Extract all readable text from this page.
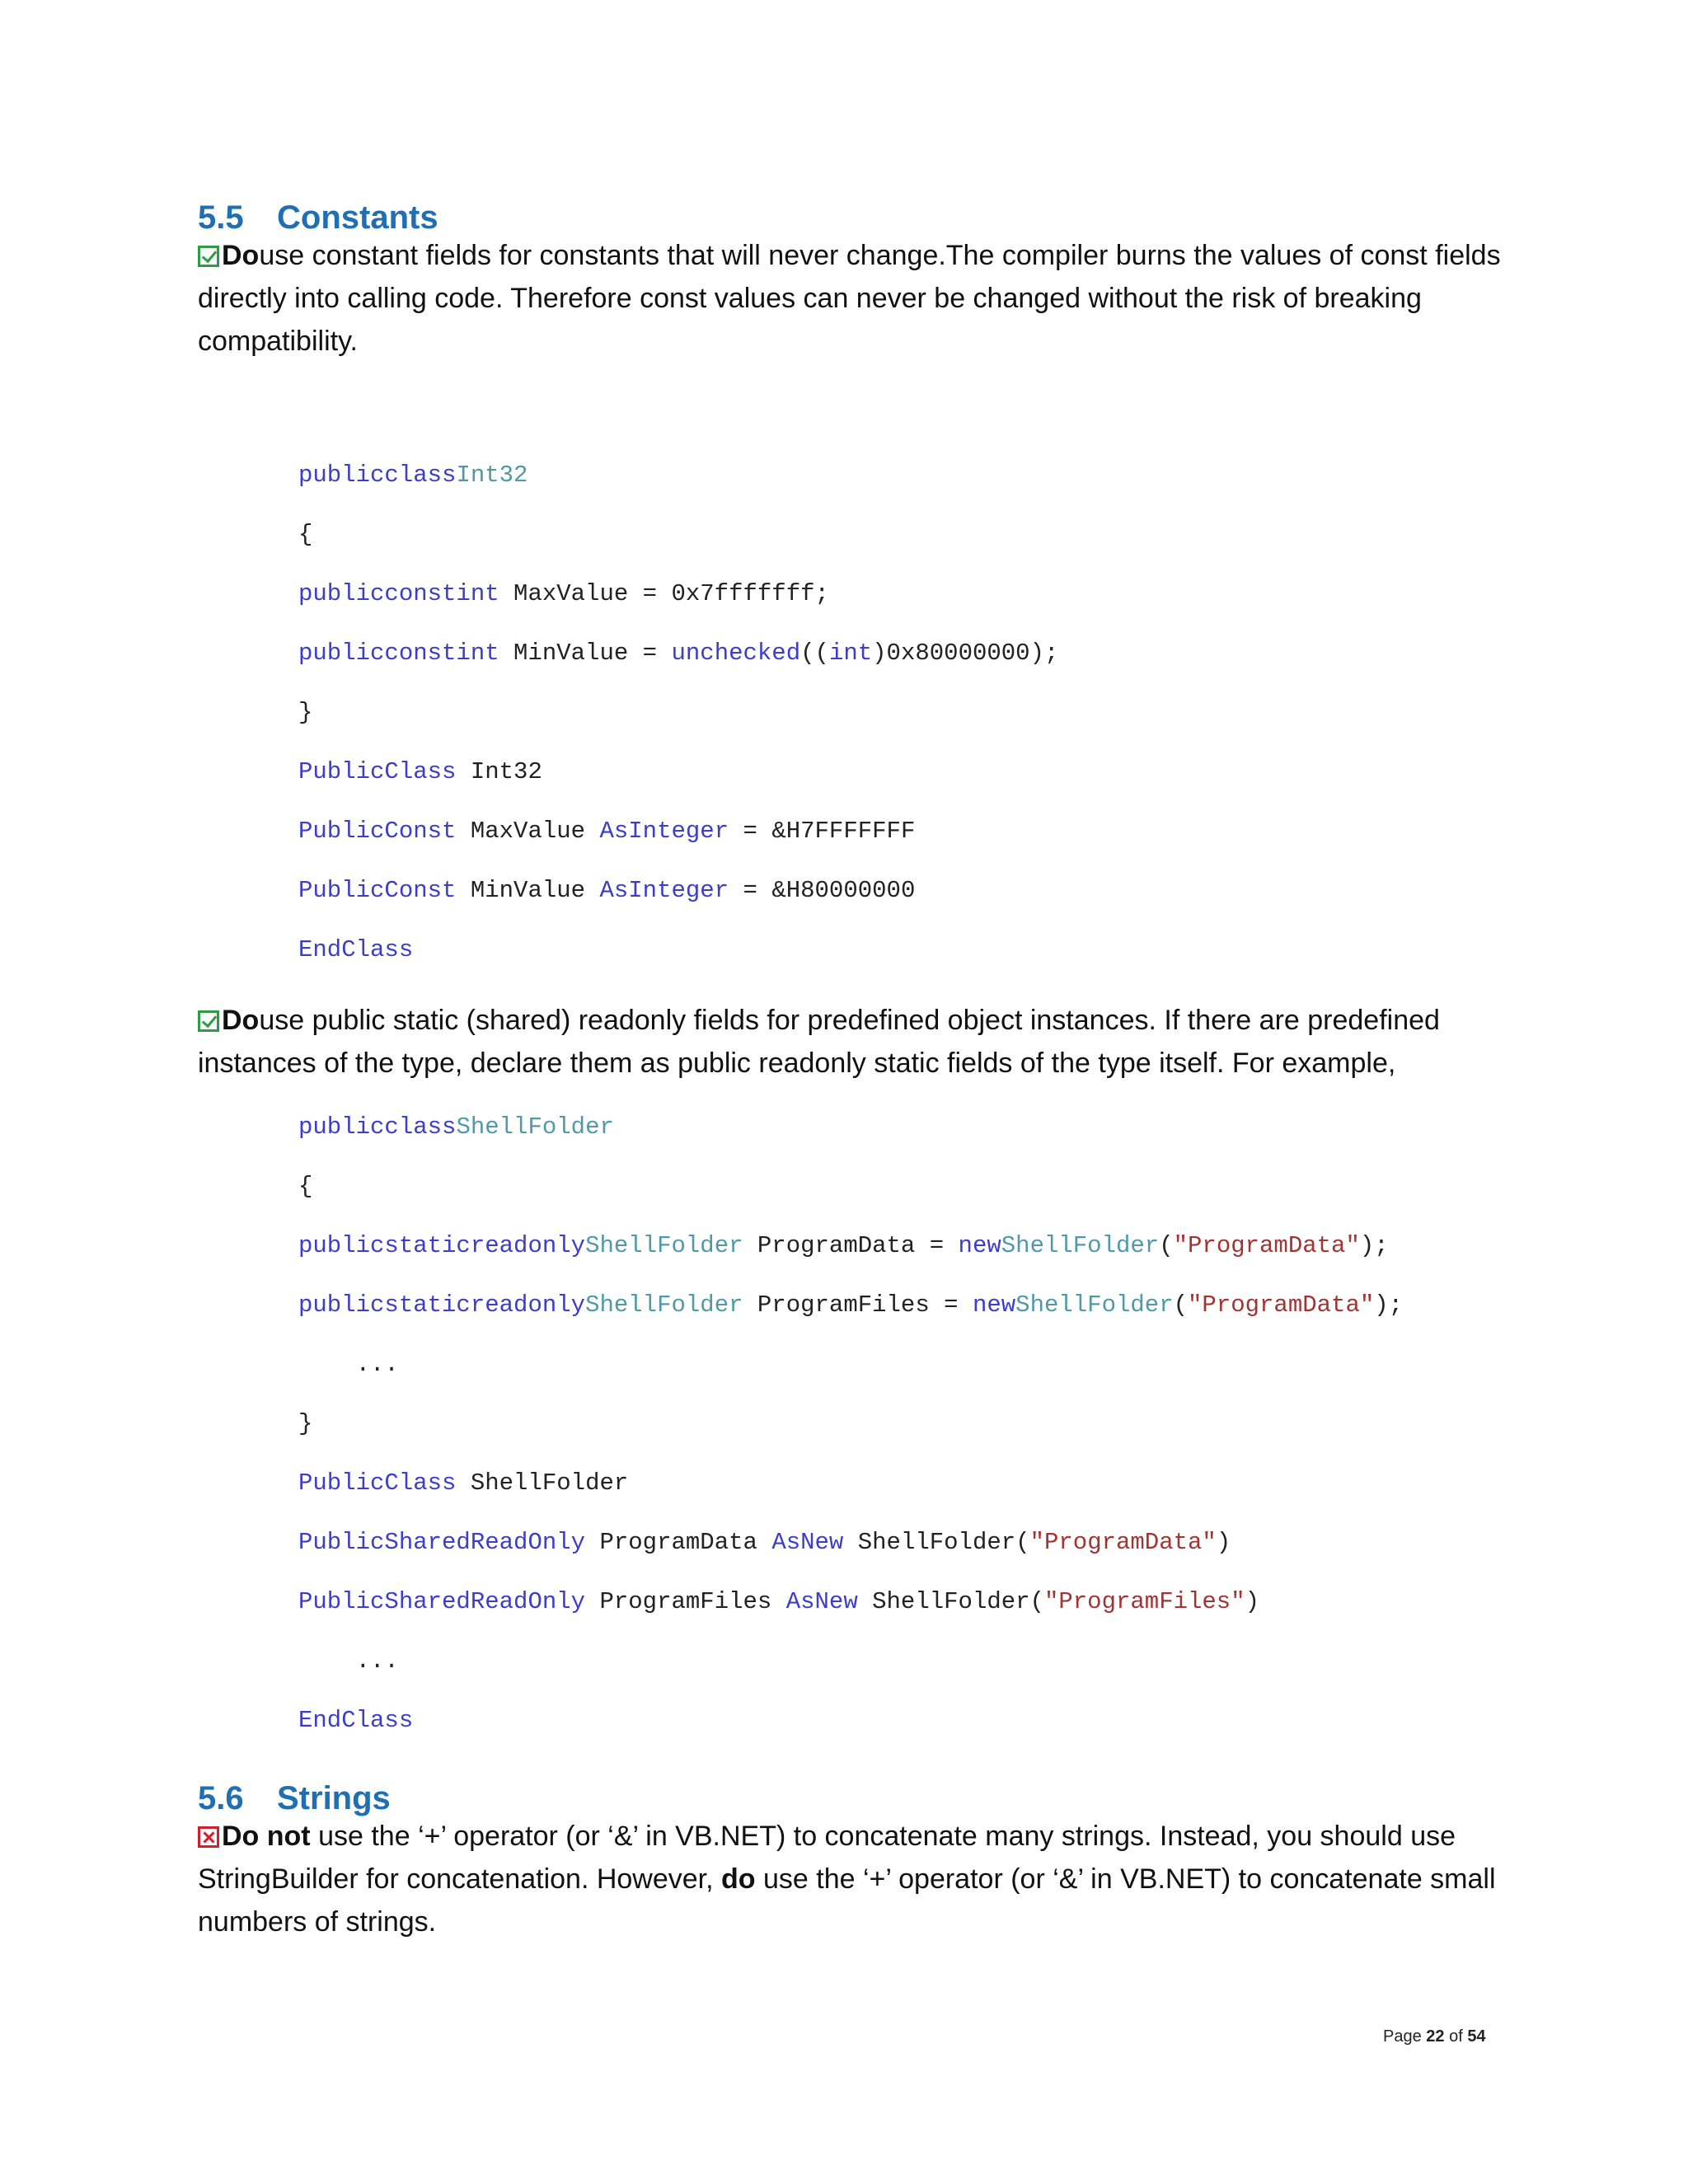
5.5 Constants
Douse constant fields for constants that will never change.The compiler burns the values of const fields directly into calling code. Therefore const values can never be changed without the risk of breaking compatibility.
publicclassInt32
{
publicconstint MaxValue = 0x7fffffff;
publicconstint MinValue = unchecked((int)0x80000000);
}
PublicClass Int32
PublicConst MaxValue AsInteger = &H7FFFFFFF
PublicConst MinValue AsInteger = &H80000000
EndClass
Douse public static (shared) readonly fields for predefined object instances. If there are predefined instances of the type, declare them as public readonly static fields of the type itself. For example,
publicclassShellFolder
{
publicstaticreadonlyShellFolder ProgramData = newShellFolder("ProgramData");
publicstaticreadonlyShellFolder ProgramFiles = newShellFolder("ProgramData");
...
}
PublicClass ShellFolder
PublicSharedReadOnly ProgramData AsNew ShellFolder("ProgramData")
PublicSharedReadOnly ProgramFiles AsNew ShellFolder("ProgramFiles")
...
EndClass
5.6 Strings
Do not use the ‘+’ operator (or ‘&’ in VB.NET) to concatenate many strings. Instead, you should use StringBuilder for concatenation. However, do use the ‘+’ operator (or ‘&’ in VB.NET) to concatenate small numbers of strings.
Page 22 of 54
